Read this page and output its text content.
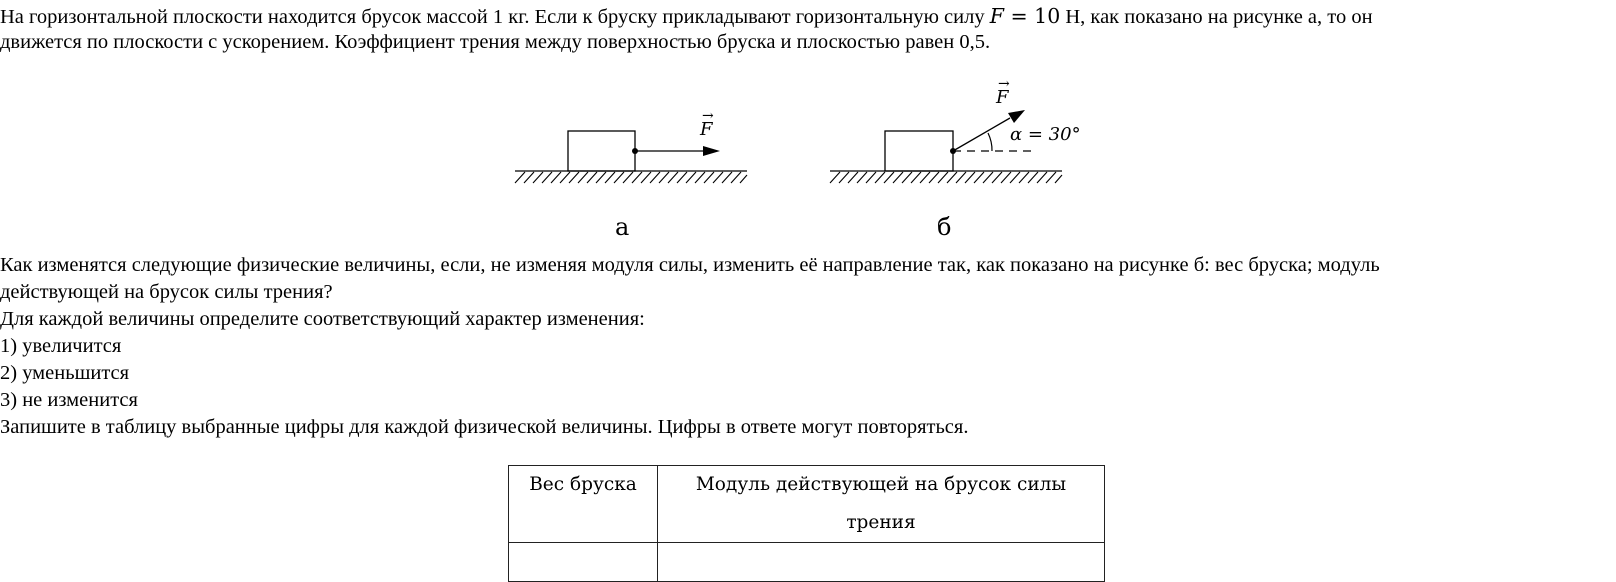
На горизонтальной плоскости находится брусок массой 1 кг. Если к бруску прикладывают горизонтальную силу F = 10 Н, как показано на рисунке а, то он

движется по плоскости с ускорением. Коэффициент трения между поверхностью бруска и плоскостью равен 0,5.

→
F
а
→
F
α = 30°
б

Как изменятся следующие физические величины, если, не изменяя модуля силы, изменить её направление так, как показано на рисунке б: вес бруска; модуль

действующей на брусок силы трения?

Для каждой величины определите соответствующий характер изменения:

1) увеличится

2) уменьшится

3) не изменится

Запишите в таблицу выбранные цифры для каждой физической величины. Цифры в ответе могут повторяться.

Вес бруска	Модуль действующей на брусок силы
трения
